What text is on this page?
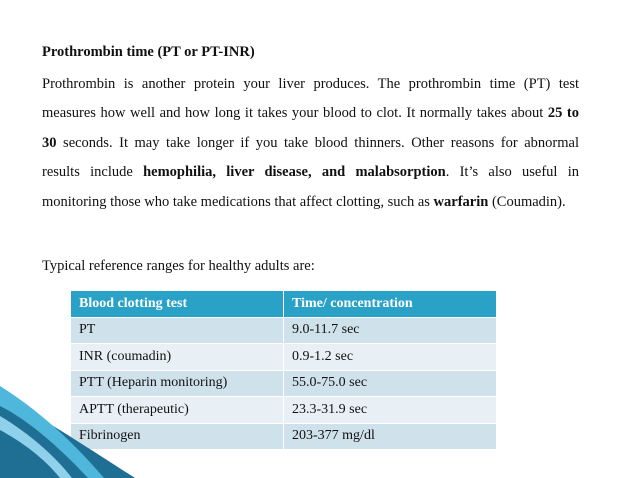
Prothrombin time (PT or PT-INR)

Prothrombin is another protein your liver produces. The prothrombin time (PT) test measures how well and how long it takes your blood to clot. It normally takes about 25 to 30 seconds. It may take longer if you take blood thinners. Other reasons for abnormal results include hemophilia, liver disease, and malabsorption. It’s also useful in monitoring those who take medications that affect clotting, such as warfarin (Coumadin).

Typical reference ranges for healthy adults are:

Blood clotting test	Time/ concentration
PT	9.0-11.7 sec
INR (coumadin)	0.9-1.2 sec
PTT (Heparin monitoring)	55.0-75.0 sec
APTT (therapeutic)	23.3-31.9 sec
Fibrinogen	203-377 mg/dl
